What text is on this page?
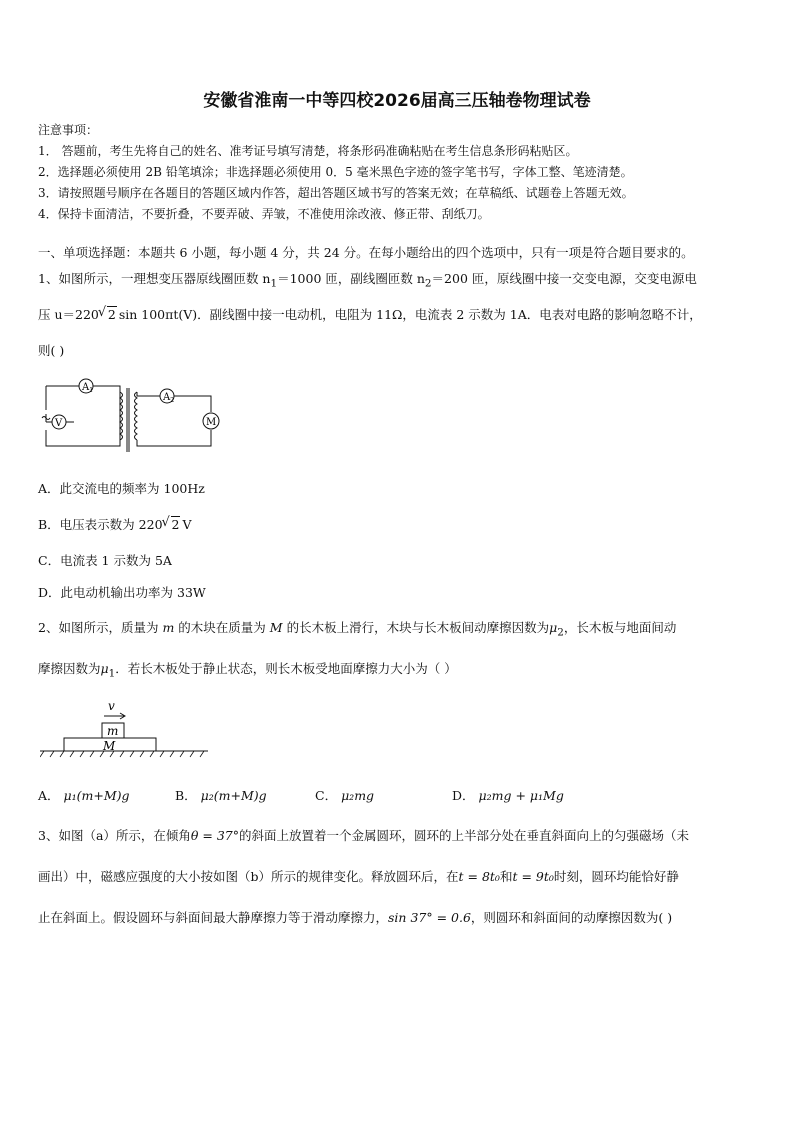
安徽省淮南一中等四校2026届高三压轴卷物理试卷
注意事项：
1． 答题前，考生先将自己的姓名、准考证号填写清楚，将条形码准确粘贴在考生信息条形码粘贴区。
2．选择题必须使用 2B 铅笔填涂；非选择题必须使用 0．5 毫米黑色字迹的签字笔书写，字体工整、笔迹清楚。
3．请按照题号顺序在各题目的答题区域内作答，超出答题区域书写的答案无效；在草稿纸、试题卷上答题无效。
4．保持卡面清洁，不要折叠，不要弄破、弄皱，不准使用涂改液、修正带、刮纸刀。
一、单项选择题：本题共 6 小题，每小题 4 分，共 24 分。在每小题给出的四个选项中，只有一项是符合题目要求的。
1、如图所示，一理想变压器原线圈匝数 $n_1=1000$ 匝，副线圈匝数 $n_2=200$ 匝，原线圈中接一交变电源，交变电源电
压 u＝220 √ 2 sin 100πt(V)．副线圈中接一电动机，电阻为 11Ω，电流表 2 示数为 1A．电表对电路的影响忽略不计，
则( )
$A_1$
$A_2$
V	M
A．此交流电的频率为 100Hz
B．电压表示数为 220 √ 2 V
C．电流表 1 示数为 5A
D．此电动机输出功率为 33W
2、如图所示，质量为 m 的木块在质量为 M 的长木板上滑行，木块与长木板间动摩擦因数为$\mu_2$，长木板与地面间动
摩擦因数为$\mu_1$．若长木板处于静止状态，则长木板受地面摩擦力大小为（ ）
v
m
M
A． μ₁(m+M)g	B． μ₂(m+M)g	C． μ₂mg	D． μ₂mg + μ₁Mg
3、如图（a）所示，在倾角θ = 37°的斜面上放置着一个金属圆环，圆环的上半部分处在垂直斜面向上的匀强磁场（未
画出）中，磁感应强度的大小按如图（b）所示的规律变化。释放圆环后，在t = 8t₀和t = 9t₀时刻，圆环均能恰好静
止在斜面上。假设圆环与斜面间最大静摩擦力等于滑动摩擦力，sin 37° = 0.6，则圆环和斜面间的动摩擦因数为( )
